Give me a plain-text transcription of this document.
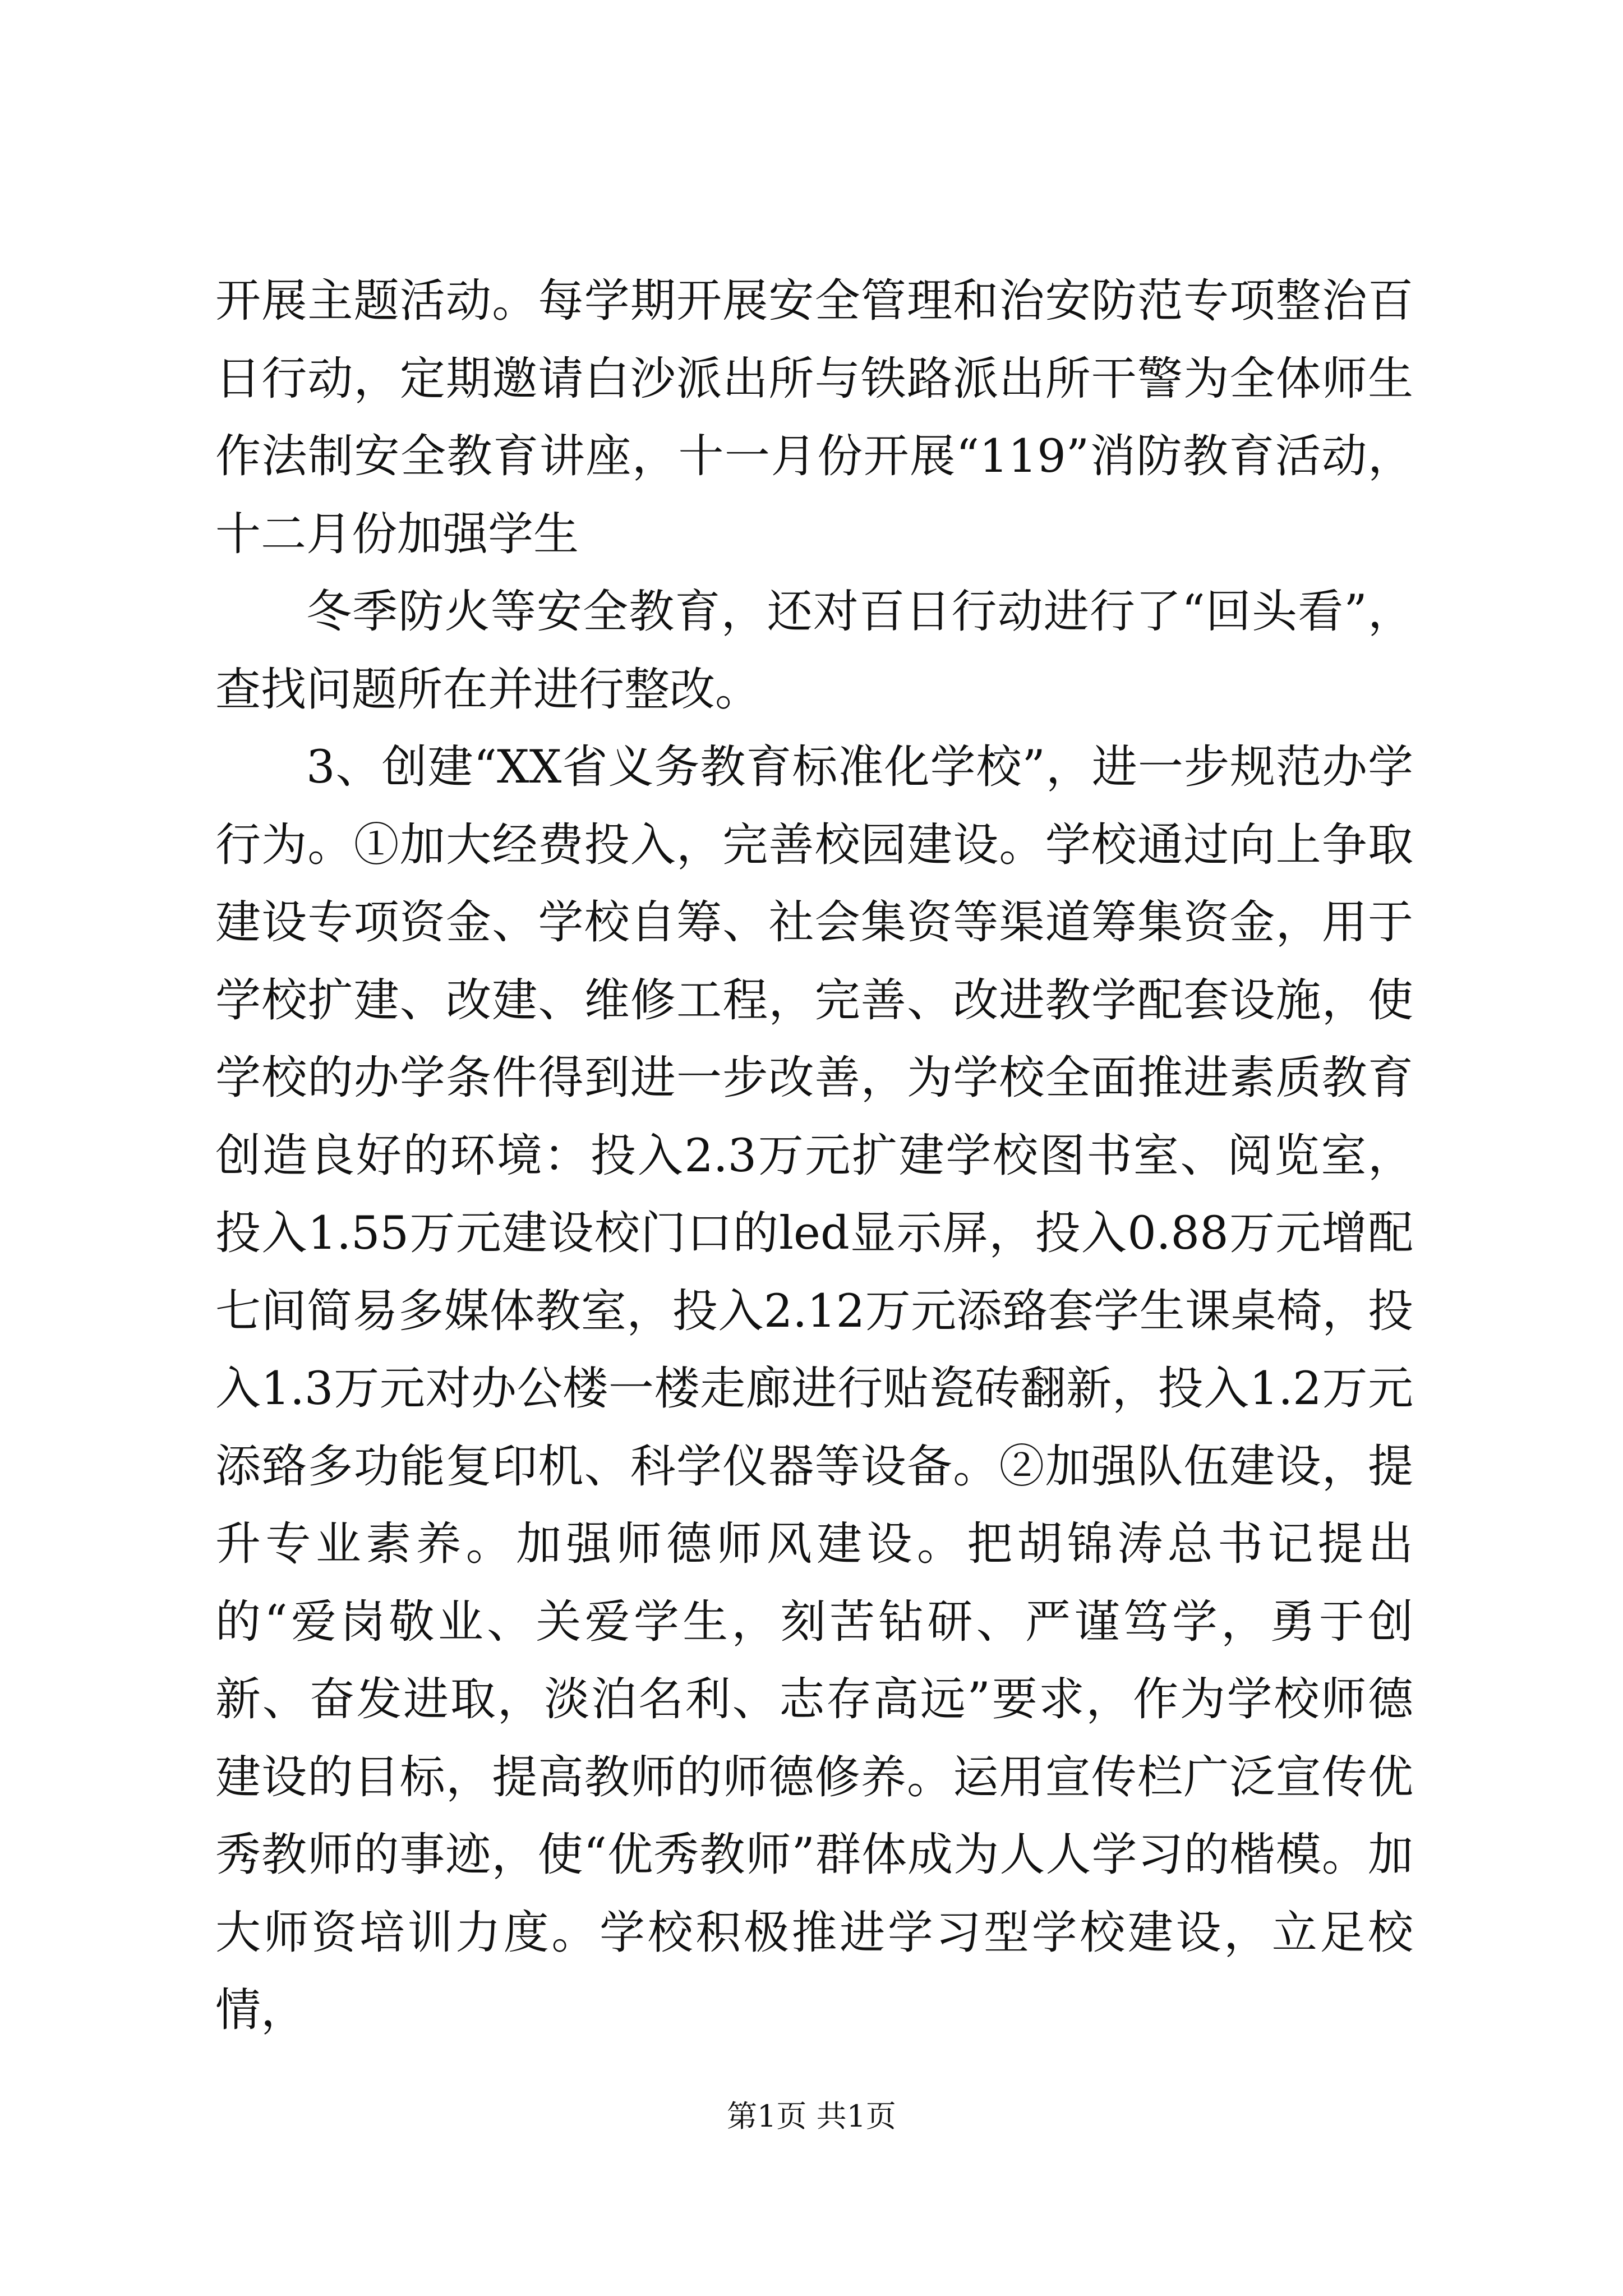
开展主题活动。每学期开展安全管理和治安防范专项整治百日行动，定期邀请白沙派出所与铁路派出所干警为全体师生作法制安全教育讲座，十一月份开展“119”消防教育活动，十二月份加强学生

冬季防火等安全教育，还对百日行动进行了“回头看”，查找问题所在并进行整改。

3、创建“XX省义务教育标准化学校”，进一步规范办学行为。①加大经费投入，完善校园建设。学校通过向上争取建设专项资金、学校自筹、社会集资等渠道筹集资金，用于学校扩建、改建、维修工程，完善、改进教学配套设施，使学校的办学条件得到进一步改善，为学校全面推进素质教育创造良好的环境：投入2.3万元扩建学校图书室、阅览室，投入1.55万元建设校门口的led显示屏，投入0.88万元增配七间简易多媒体教室，投入2.12万元添臵套学生课桌椅，投入1.3万元对办公楼一楼走廊进行贴瓷砖翻新，投入1.2万元添臵多功能复印机、科学仪器等设备。②加强队伍建设，提升专业素养。加强师德师风建设。把胡锦涛总书记提出的“爱岗敬业、关爱学生，刻苦钻研、严谨笃学，勇于创新、奋发进取，淡泊名利、志存高远”要求，作为学校师德建设的目标，提高教师的师德修养。运用宣传栏广泛宣传优秀教师的事迹，使“优秀教师”群体成为人人学习的楷模。加大师资培训力度。学校积极推进学习型学校建设，立足校情，

第1页 共1页
